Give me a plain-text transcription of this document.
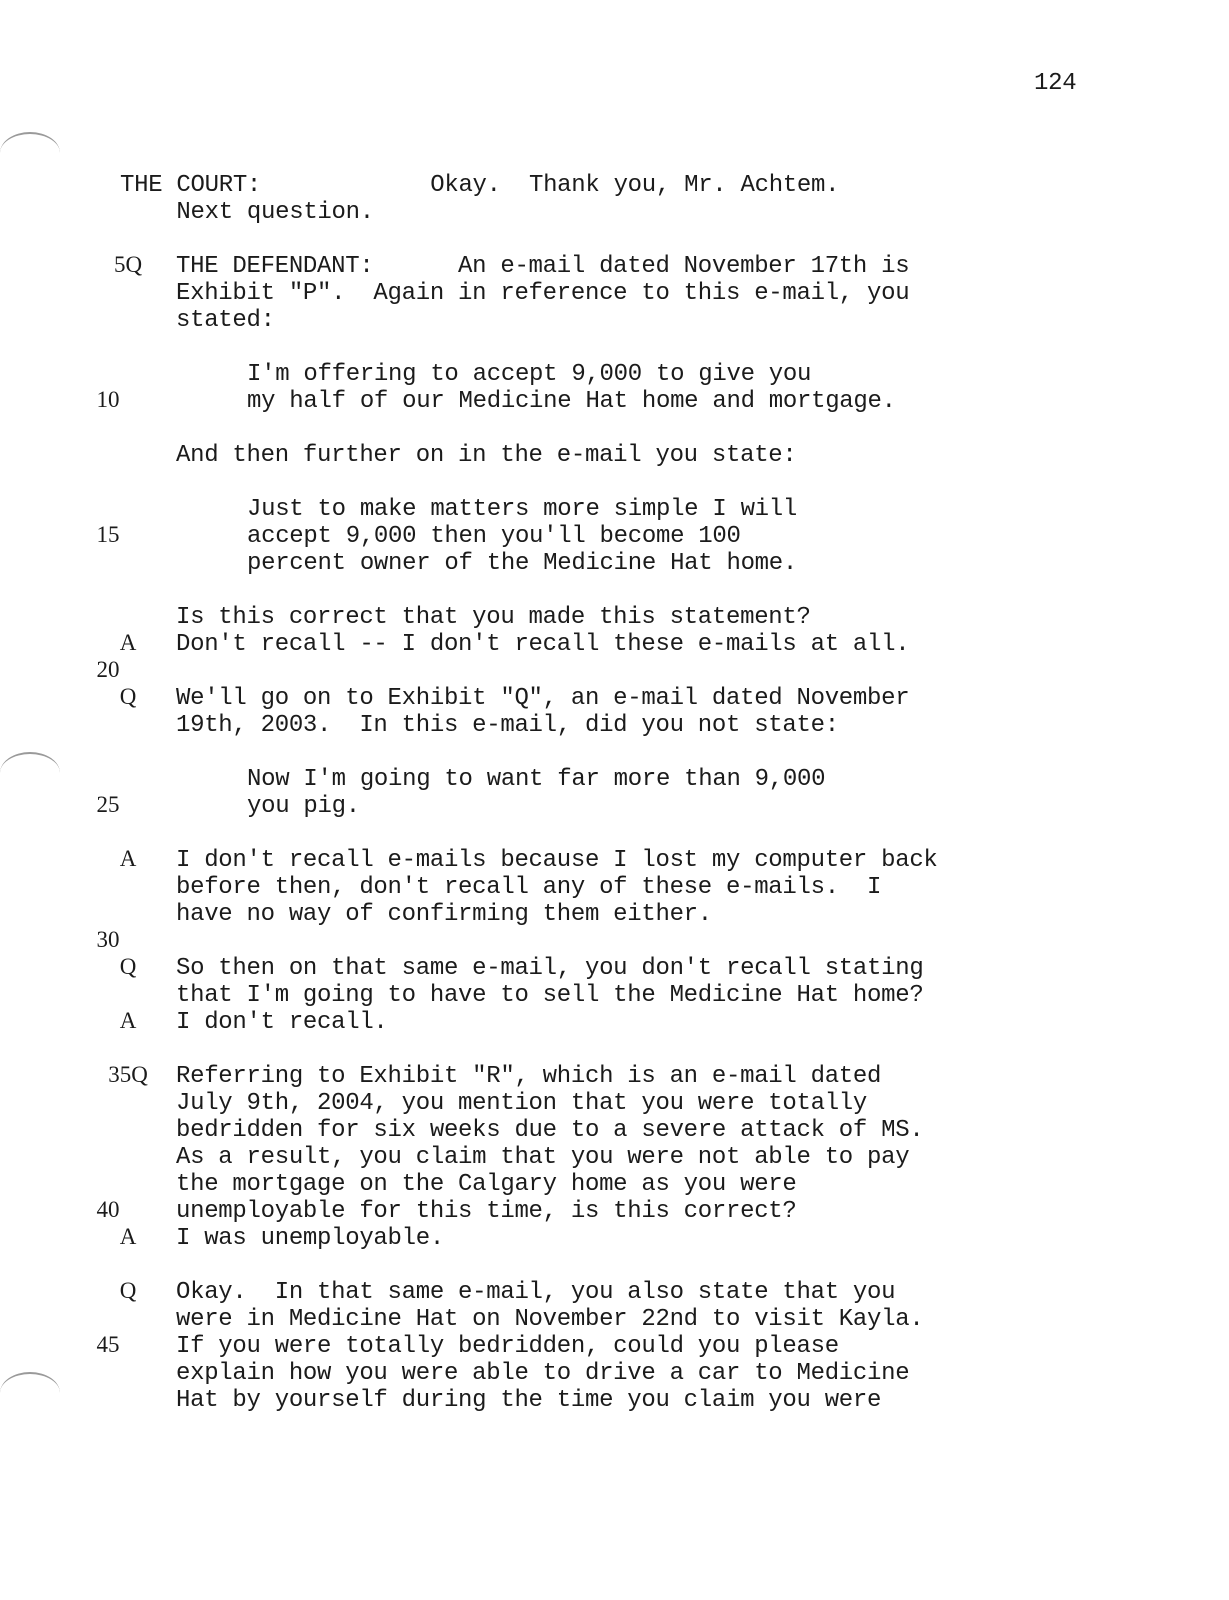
124
5Q
10
15
A
20
Q
25
A
30
Q
A
35Q
40
A
Q
45
THE COURT:            Okay.  Thank you, Mr. Achtem.
Next question.
THE DEFENDANT:      An e-mail dated November 17th is
Exhibit "P".  Again in reference to this e-mail, you
stated:
I'm offering to accept 9,000 to give you
my half of our Medicine Hat home and mortgage.
And then further on in the e-mail you state:
Just to make matters more simple I will
accept 9,000 then you'll become 100
percent owner of the Medicine Hat home.
Is this correct that you made this statement?
Don't recall -- I don't recall these e-mails at all.
We'll go on to Exhibit "Q", an e-mail dated November
19th, 2003.  In this e-mail, did you not state:
Now I'm going to want far more than 9,000
you pig.
I don't recall e-mails because I lost my computer back
before then, don't recall any of these e-mails.  I
have no way of confirming them either.
So then on that same e-mail, you don't recall stating
that I'm going to have to sell the Medicine Hat home?
I don't recall.
Referring to Exhibit "R", which is an e-mail dated
July 9th, 2004, you mention that you were totally
bedridden for six weeks due to a severe attack of MS.
As a result, you claim that you were not able to pay
the mortgage on the Calgary home as you were
unemployable for this time, is this correct?
I was unemployable.
Okay.  In that same e-mail, you also state that you
were in Medicine Hat on November 22nd to visit Kayla.
If you were totally bedridden, could you please
explain how you were able to drive a car to Medicine
Hat by yourself during the time you claim you were
